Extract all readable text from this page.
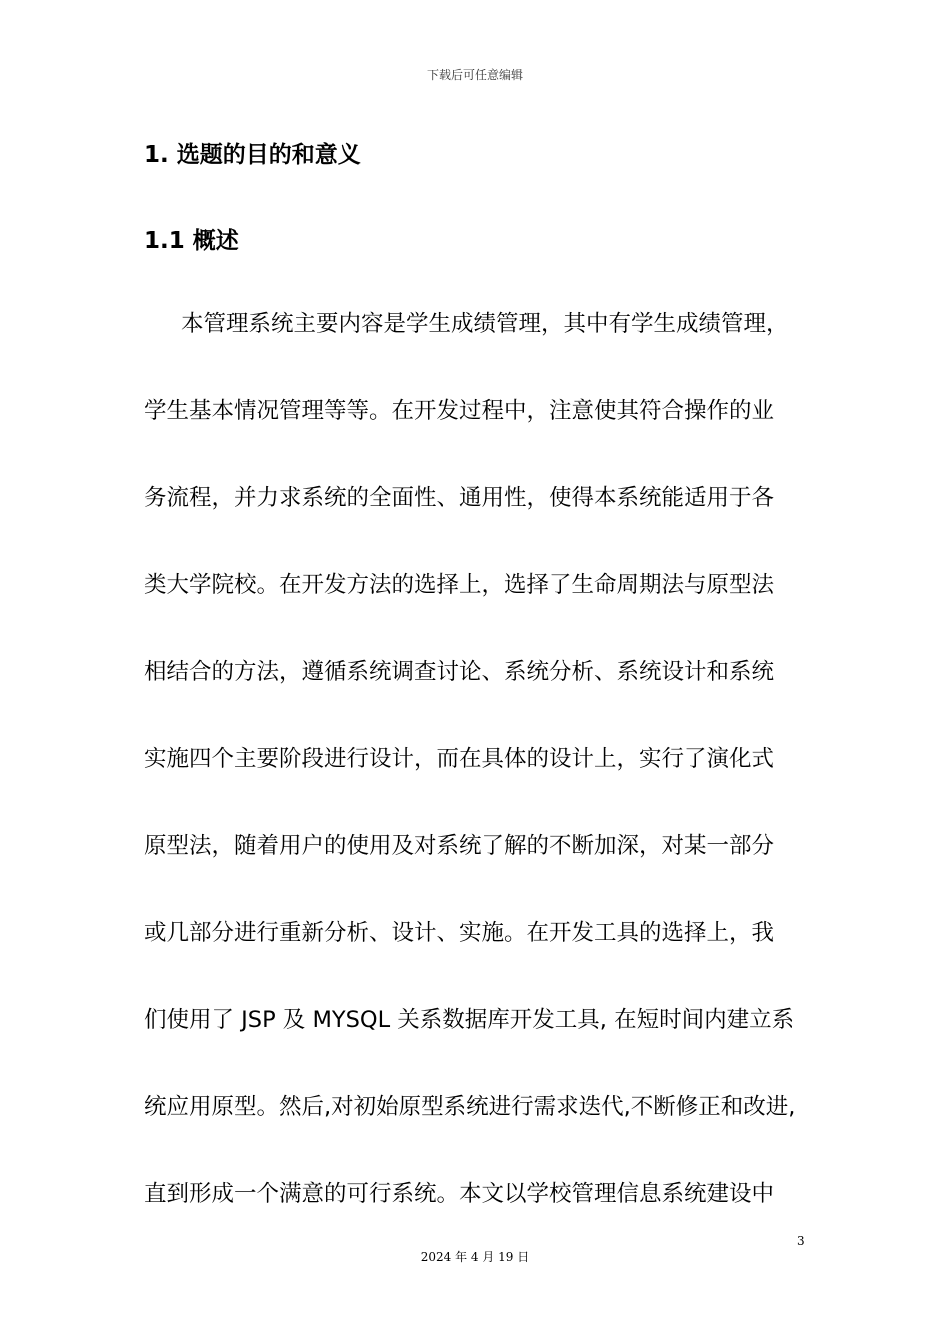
下载后可任意编辑
1. 选题的目的和意义
1.1 概述
本管理系统主要内容是学生成绩管理，其中有学生成绩管理，
学生基本情况管理等等。在开发过程中，注意使其符合操作的业
务流程，并力求系统的全面性、通用性，使得本系统能适用于各
类大学院校。在开发方法的选择上，选择了生命周期法与原型法
相结合的方法，遵循系统调查讨论、系统分析、系统设计和系统
实施四个主要阶段进行设计，而在具体的设计上，实行了演化式
原型法，随着用户的使用及对系统了解的不断加深，对某一部分
或几部分进行重新分析、设计、实施。在开发工具的选择上，我
们使用了 JSP 及 MYSQL 关系数据库开发工具, 在短时间内建立系
统应用原型。然后,对初始原型系统进行需求迭代,不断修正和改进,
直到形成一个满意的可行系统。本文以学校管理信息系统建设中
3
2024 年 4 月 19 日
